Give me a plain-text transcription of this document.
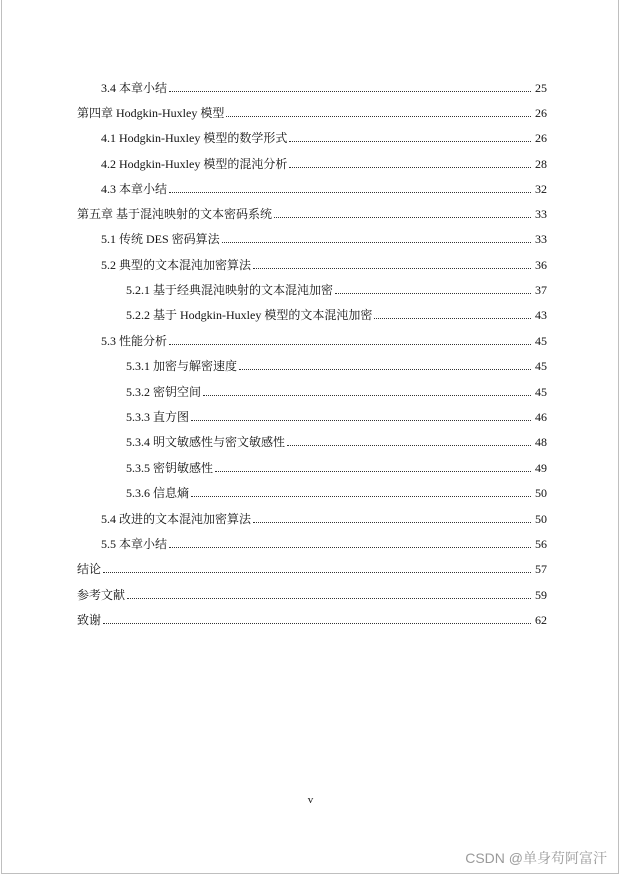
3.4 本章小结	25
第四章 Hodgkin-Huxley 模型	26
4.1 Hodgkin-Huxley 模型的数学形式	26
4.2 Hodgkin-Huxley 模型的混沌分析	28
4.3 本章小结	32
第五章 基于混沌映射的文本密码系统	33
5.1 传统 DES 密码算法	33
5.2 典型的文本混沌加密算法	36
5.2.1 基于经典混沌映射的文本混沌加密	37
5.2.2 基于 Hodgkin-Huxley 模型的文本混沌加密	43
5.3 性能分析	45
5.3.1 加密与解密速度	45
5.3.2 密钥空间	45
5.3.3 直方图	46
5.3.4 明文敏感性与密文敏感性	48
5.3.5 密钥敏感性	49
5.3.6 信息熵	50
5.4 改进的文本混沌加密算法	50
5.5 本章小结	56
结论	57
参考文献	59
致谢	62
v
CSDN @单身苟阿富汗
